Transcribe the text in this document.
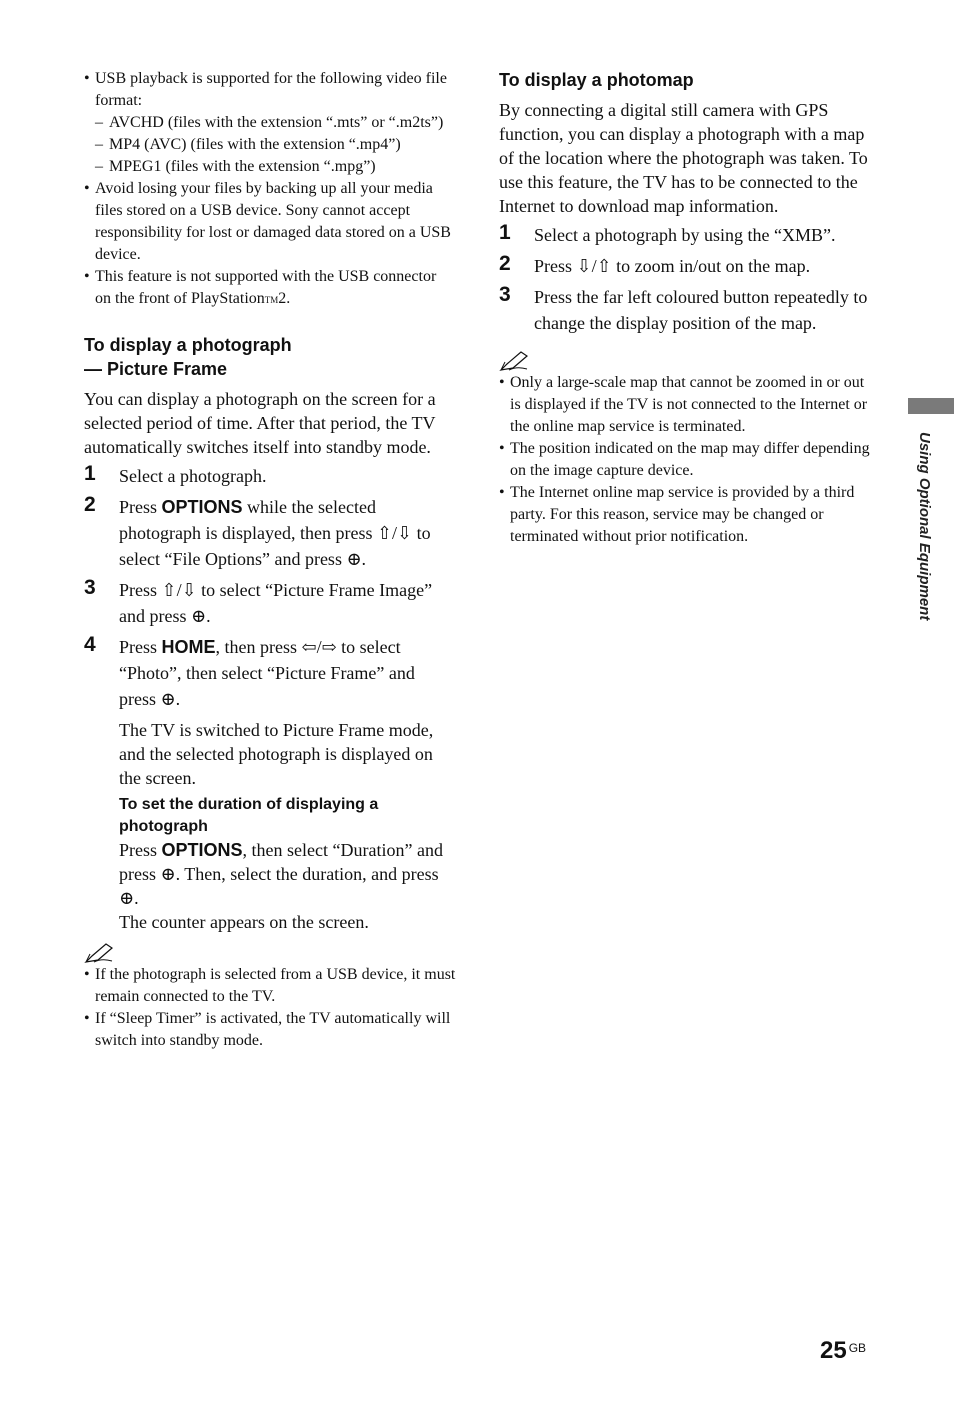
• USB playback is supported for the following video file format:
– AVCHD (files with the extension “.mts” or “.m2ts”)
– MP4 (AVC) (files with the extension “.mp4”)
– MPEG1 (files with the extension “.mpg”)
• Avoid losing your files by backing up all your media files stored on a USB device. Sony cannot accept responsibility for lost or damaged data stored on a USB device.
• This feature is not supported with the USB connector on the front of PlayStationTM2.
To display a photograph
— Picture Frame

You can display a photograph on the screen for a selected period of time. After that period, the TV automatically switches itself into standby mode.

1 Select a photograph.
2 Press OPTIONS while the selected photograph is displayed, then press ⇧/⇩ to select “File Options” and press ⊕.
3 Press ⇧/⇩ to select “Picture Frame Image” and press ⊕.
4 Press HOME, then press ⇦/⇨ to select “Photo”, then select “Picture Frame” and press ⊕.

The TV is switched to Picture Frame mode, and the selected photograph is displayed on the screen.

To set the duration of displaying a photograph

Press OPTIONS, then select “Duration” and press ⊕. Then, select the duration, and press ⊕.

The counter appears on the screen.

• If the photograph is selected from a USB device, it must remain connected to the TV.
• If “Sleep Timer” is activated, the TV automatically will switch into standby mode.
To display a photomap

By connecting a digital still camera with GPS function, you can display a photograph with a map of the location where the photograph was taken. To use this feature, the TV has to be connected to the Internet to download map information.

1 Select a photograph by using the “XMB”.
2 Press ⇩/⇧ to zoom in/out on the map.
3 Press the far left coloured button repeatedly to change the display position of the map.
• Only a large-scale map that cannot be zoomed in or out is displayed if the TV is not connected to the Internet or the online map service is terminated.
• The position indicated on the map may differ depending on the image capture device.
• The Internet online map service is provided by a third party. For this reason, service may be changed or terminated without prior notification.	Using Optional Equipment
25 $^{GB}$
